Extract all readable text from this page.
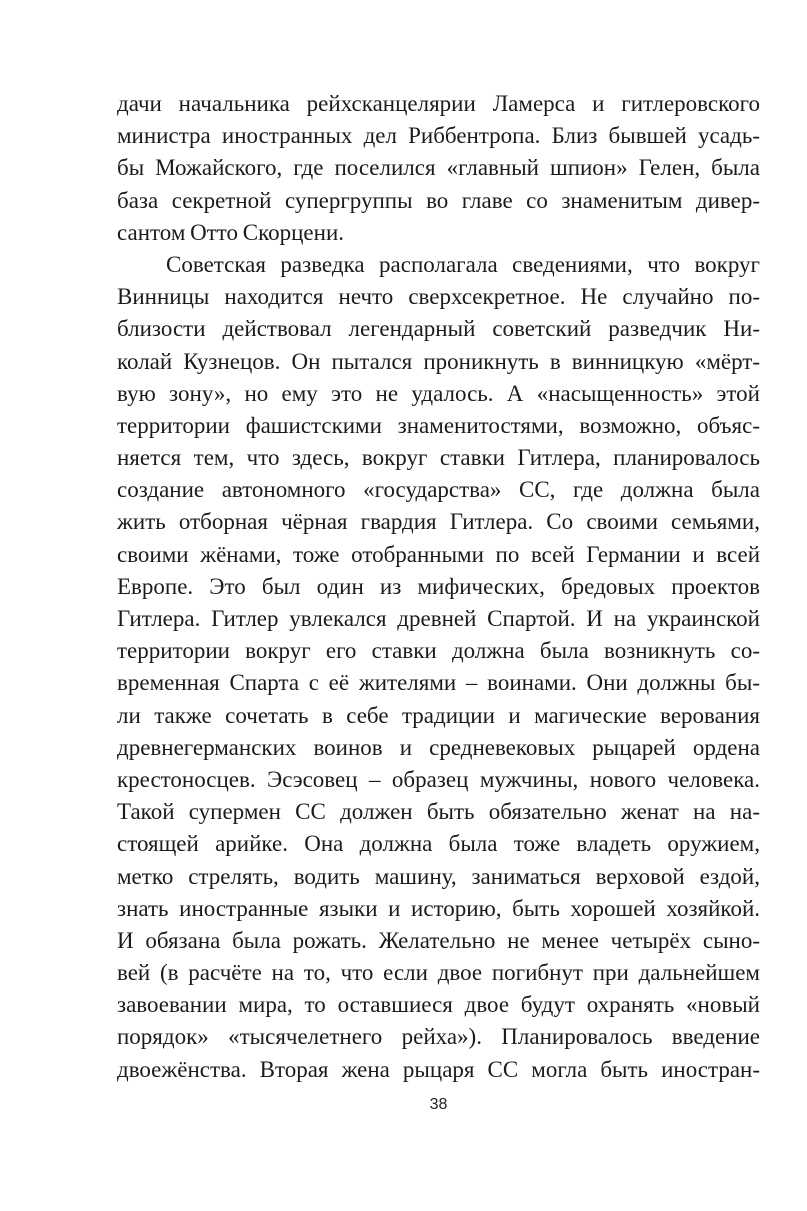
дачи начальника рейхсканцелярии Ламерса и гитлеровского
министра иностранных дел Риббентропа. Близ бывшей усадь-
бы Можайского, где поселился «главный шпион» Гелен, была
база секретной супергруппы во главе со знаменитым дивер-
сантом Отто Скорцени.
Советская разведка располагала сведениями, что вокруг
Винницы находится нечто сверхсекретное. Не случайно по-
близости действовал легендарный советский разведчик Ни-
колай Кузнецов. Он пытался проникнуть в винницкую «мёрт-
вую зону», но ему это не удалось. А «насыщенность» этой
территории фашистскими знаменитостями, возможно, объяс-
няется тем, что здесь, вокруг ставки Гитлера, планировалось
создание автономного «государства» СС, где должна была
жить отборная чёрная гвардия Гитлера. Со своими семьями,
своими жёнами, тоже отобранными по всей Германии и всей
Европе. Это был один из мифических, бредовых проектов
Гитлера. Гитлер увлекался древней Спартой. И на украинской
территории вокруг его ставки должна была возникнуть со-
временная Спарта с её жителями – воинами. Они должны бы-
ли также сочетать в себе традиции и магические верования
древнегерманских воинов и средневековых рыцарей ордена
крестоносцев. Эсэсовец – образец мужчины, нового человека.
Такой супермен СС должен быть обязательно женат на на-
стоящей арийке. Она должна была тоже владеть оружием,
метко стрелять, водить машину, заниматься верховой ездой,
знать иностранные языки и историю, быть хорошей хозяйкой.
И обязана была рожать. Желательно не менее четырёх сыно-
вей (в расчёте на то, что если двое погибнут при дальнейшем
завоевании мира, то оставшиеся двое будут охранять «новый
порядок» «тысячелетнего рейха»). Планировалось введение
двоежёнства. Вторая жена рыцаря СС могла быть иностран-
38
